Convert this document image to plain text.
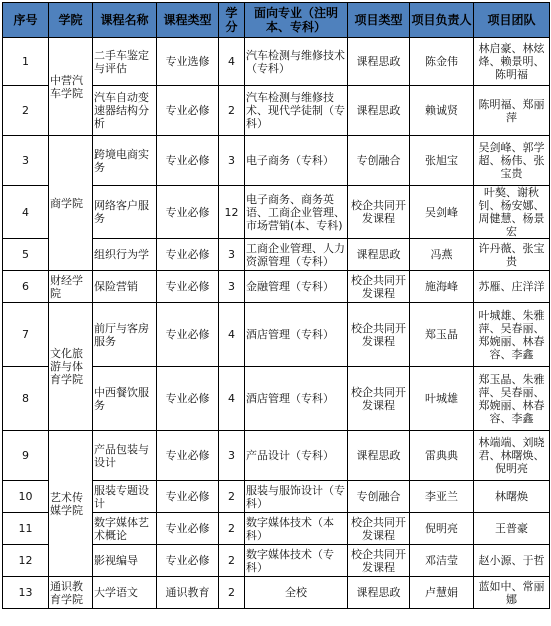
序号	学院	课程名称	课程类型	学分	面向专业（注明本、专科）	项目类型	项目负责人	项目团队
1	中营汽车学院	二手车鉴定与评估	专业选修	4	汽车检测与维修技术（专科）	课程思政	陈金伟	林启豪、林炫烽、赖景明、陈明福
2		汽车自动变速器结构分析	专业必修	2	汽车检测与维修技术、现代学徒制（专科）	课程思政	赖诚贤	陈明福、郑丽萍
3	商学院	跨境电商实务	专业必修	3	电子商务（专科）	专创融合	张旭宝	吴剑峰、郭学超、杨伟、张宝贵
4		网络客户服务	专业必修	12	电子商务、商务英语、工商企业管理、市场营销(本、专科)	校企共同开发课程	吴剑峰	叶獒、谢秋钊、杨安娜、周健慧、杨景宏
5		组织行为学	专业必修	3	工商企业管理、人力资源管理（专科）	课程思政	冯燕	许丹薇、张宝贵
6	财经学院	保险营销	专业必修	3	金融管理（专科）	校企共同开发课程	施海峰	苏雁、庄洋洋
7	文化旅游与体育学院	前厅与客房服务	专业必修	4	酒店管理（专科）	校企共同开发课程	郑玉晶	叶城雄、朱雅萍、吴春丽、郑婉丽、林春容、李鑫
8		中西餐饮服务	专业必修	4	酒店管理（专科）	校企共同开发课程	叶城雄	郑玉晶、朱雅萍、吴春丽、郑婉丽、林春容、李鑫
9	艺术传媒学院	产品包装与设计	专业必修	3	产品设计（专科）	课程思政	雷典典	林端端、刘晓君、林曙焕、倪明亮
10		服装专题设计	专业必修	2	服装与服饰设计（专科）	专创融合	李亚兰	林曙焕
11		数字媒体艺术概论	专业必修	2	数字媒体技术（本科）	校企共同开发课程	倪明亮	王普豪
12		影视编导	专业必修	2	数字媒体技术（专科）	校企共同开发课程	邓洁莹	赵小源、于哲
13	通识教育学院	大学语文	通识教育	2	全校	课程思政	卢慧娟	蓝如中、常丽娜
